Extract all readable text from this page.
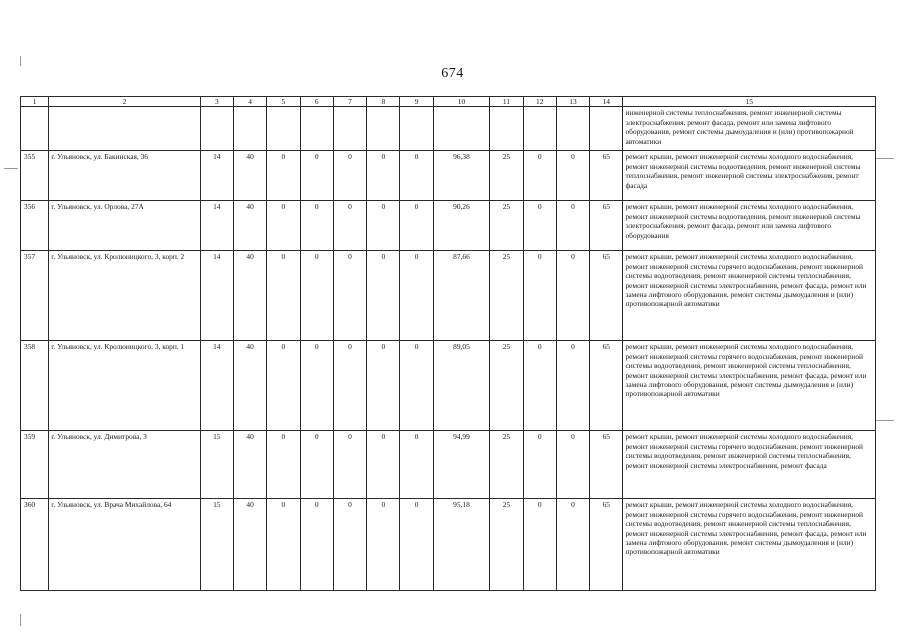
674
1	2	3	4	5	6	7	8	9	10	11	12	13	14	15
														инженерной системы теплоснабжения, ремонт инженерной системы электроснабжения, ремонт фасада, ремонт или замена лифтового оборудования, ремонт системы дымоудаления и (или) противопожарной автоматики
355	г. Ульяновск, ул. Бакинская, 36	14	40	0	0	0	0	0	96,38	25	0	0	65	ремонт крыши, ремонт инженерной системы холодного водоснабжения, ремонт инженерной системы водоотведения, ремонт инженерной системы теплоснабжения, ремонт инженерной системы электроснабжения, ремонт фасада
356	г. Ульяновск, ул. Орлова, 27А	14	40	0	0	0	0	0	90,26	25	0	0	65	ремонт крыши, ремонт инженерной системы холодного водоснабжения, ремонт инженерной системы водоотведения, ремонт инженерной системы электроснабжения, ремонт фасада, ремонт или замена лифтового оборудования
357	г. Ульяновск, ул. Кролюницкого, 3, корп. 2	14	40	0	0	0	0	0	87,66	25	0	0	65	ремонт крыши, ремонт инженерной системы холодного водоснабжения, ремонт инженерной системы горячего водоснабжения, ремонт инженерной системы водоотведения, ремонт инженерной системы теплоснабжения, ремонт инженерной системы электроснабжения, ремонт фасада, ремонт или замена лифтового оборудования, ремонт системы дымоудаления и (или) противопожарной автоматики
358	г. Ульяновск, ул. Кролюницкого, 3, корп. 1	14	40	0	0	0	0	0	89,05	25	0	0	65	ремонт крыши, ремонт инженерной системы холодного водоснабжения, ремонт инженерной системы горячего водоснабжения, ремонт инженерной системы водоотведения, ремонт инженерной системы теплоснабжения, ремонт инженерной системы электроснабжения, ремонт фасада, ремонт или замена лифтового оборудования, ремонт системы дымоудаления и (или) противопожарной автоматики
359	г. Ульяновск, ул. Димитрова, 3	15	40	0	0	0	0	0	94,99	25	0	0	65	ремонт крыши, ремонт инженерной системы холодного водоснабжения, ремонт инженерной системы горячего водоснабжения, ремонт инженерной системы водоотведения, ремонт инженерной системы теплоснабжения, ремонт инженерной системы электроснабжения, ремонт фасада
360	г. Ульяновск, ул. Врача Михайлова, 64	15	40	0	0	0	0	0	95,18	25	0	0	65	ремонт крыши, ремонт инженерной системы холодного водоснабжения, ремонт инженерной системы горячего водоснабжения, ремонт инженерной системы водоотведения, ремонт инженерной системы теплоснабжения, ремонт инженерной системы электроснабжения, ремонт фасада, ремонт или замена лифтового оборудования, ремонт системы дымоудаления и (или) противопожарной автоматики
